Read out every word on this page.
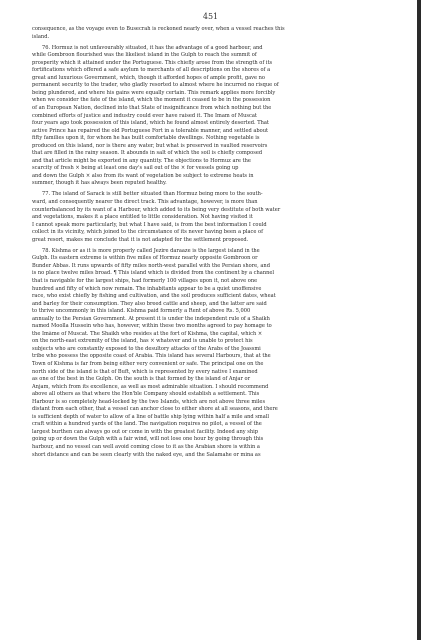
451
consequence, as the voyage even to Busecrah is reckoned nearly over, when a vessel reaches this
island.
76. Hormuz is not unfavourably situated, it has the advantage of a good harbour, and
while Gombroon flourished was the likeliest island in the Gulph to reach the summit of
prosperity which it attained under the Portuguese. This chiefly arose from the strength of its
fortifications which offered a safe asylum to merchants of all descriptions on the shores of a
great and luxurious Government, which, though it afforded hopes of ample profit, gave no
permanent security to the trader, who gladly resorted to almost where he incurred no risque of
being plundered, and where his gains were equally certain. This remark applies more forcibly
when we consider the fate of the island, which the moment it ceased to be in the possession
of an European Nation, declined into that State of insignificance from which nothing but the
combined efforts of justice and industry could ever have raised it. The Imam of Muscat
four years ago took possession of this island, which he found almost entirely deserted. That
active Prince has repaired the old Portuguese Fort in a tolerable manner, and settled about
fifty families upon it, for whom he has built comfortable dwellings. Nothing vegetable is
produced on this island, nor is there any water, but what is preserved in vaulted reservoirs
that are filled in the rainy season. It abounds in salt of which the soil is chiefly composed
and that article might be exported in any quantity. The objections to Hormuz are the
scarcity of fresh × being at least one day's sail out of the × for vessels going up
and down the Gulph × also from its want of vegetation be subject to extreme heats in
summer, though it has always been reputed healthy.
77. The island of Sarack is still better situated than Hormuz being more to the south-
ward, and consequently nearer the direct track. This advantage, however, is more than
counterbalanced by its want of a Harbour, which added to its being very destitute of both water
and vegetations, makes it a place entitled to little consideration. Not having visited it
I cannot speak more particularly, but what I have said, is from the best information I could
collect in its vicinity, which joined to the circumstance of its never having been a place of
great resort, makes me conclude that it is not adapted for the settlement proposed.
78. Kishma or as it is more properly called Jezire daraaze is the largest island in the
Gulph. Its eastern extreme is within five miles of Hormuz nearly opposite Gombroon or
Bunder Abbas. It runs upwards of fifty miles north-west parallel with the Persian shore, and
is no place twelve miles broad. ¶ This island which is divided from the continent by a channel
that is navigable for the largest ships, had formerly 100 villages upon it, not above one
hundred and fifty of which now remain. The inhabitants appear to be a quiet unoffensive
race, who exist chiefly by fishing and cultivation, and the soil produces sufficient dates, wheat
and barley for their consumption. They also breed cattle and sheep, and the latter are said
to thrive uncommonly in this island. Kishma paid formerly a Rent of above Rs. 5,000
annually to the Persian Government. At present it is under the independent rule of a Shaikh
named Moolla Hussein who has, however, within these two months agreed to pay homage to
the Imâme of Muscat. The Shaikh who resides at the fort of Kishma, the capital, which ×
on the north-east extremity of the island, has × whatever and is unable to protect his
subjects who are constantly exposed to the desultory attacks of the Arabs of the Joassmi
tribe who possess the opposite coast of Arabia. This island has several Harbours, that at the
Town of Kishma is far from being either very convenient or safe. The principal one on the
north side of the island is that of Buft, which is represented by every native I examined
as one of the best in the Gulph. On the south is that formed by the island of Anjar or
Anjam, which from its excellence, as well as most admirable situation. I should recommend
above all others as that where the Hon'ble Company should establish a settlement. This
Harbour is so completely head-locked by the two Islands, which are not above three miles
distant from each other, that a vessel can anchor close to either shore at all seasons, and there
is sufficient depth of water to allow of a line of battle ship lying within half a mile and small
craft within a hundred yards of the land. The navigation requires no pilot, a vessel of the
largest burthen can always go out or come in with the greatest facility. Indeed any ship
going up or down the Gulph with a fair wind, will not lose one hour by going through this
harbour, and no vessel can well avoid coming close to it as the Arabian shore is within a
short distance and can be seen clearly with the naked eye, and the Salamahe or mina as
